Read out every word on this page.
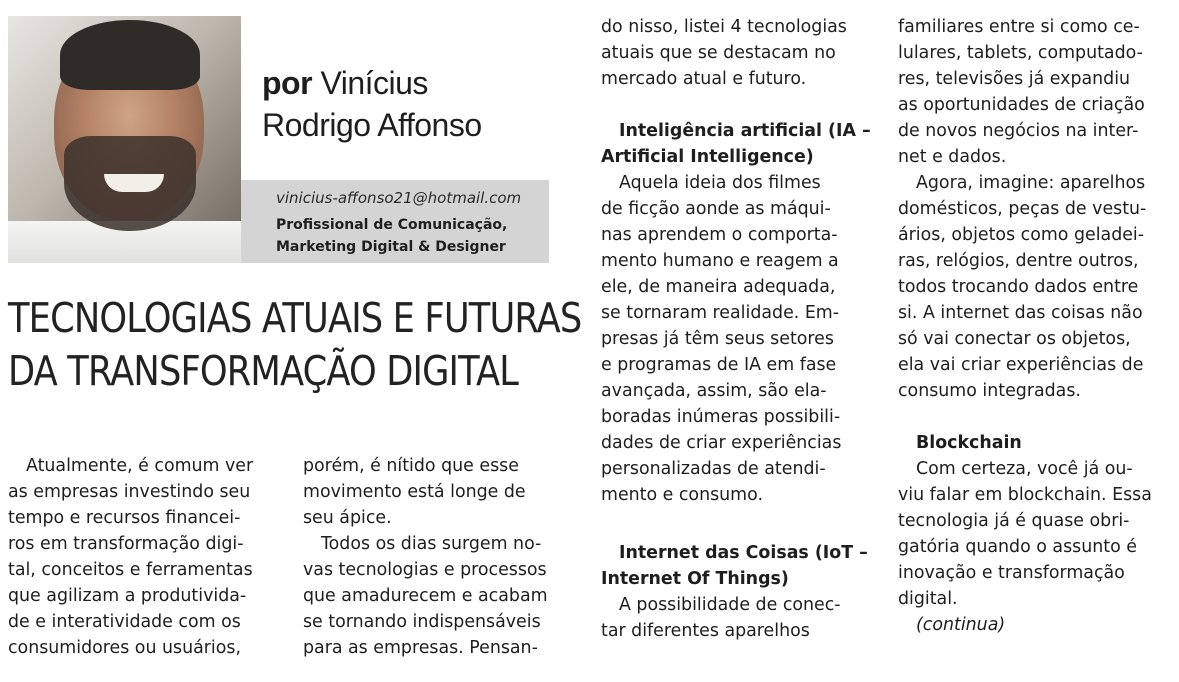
por Vinícius
Rodrigo Affonso
vinicius-affonso21@hotmail.com
Profissional de Comunicação,
Marketing Digital & Designer
TECNOLOGIAS ATUAIS E FUTURAS
DA TRANSFORMAÇÃO DIGITAL

Atualmente, é comum ver

as empresas investindo seu

tempo e recursos financei-

ros em transformação digi-

tal, conceitos e ferramentas

que agilizam a produtivida-

de e interatividade com os

consumidores ou usuários,

porém, é nítido que esse

movimento está longe de

seu ápice.

Todos os dias surgem no-

vas tecnologias e processos

que amadurecem e acabam

se tornando indispensáveis

para as empresas. Pensan-

do nisso, listei 4 tecnologias

atuais que se destacam no

mercado atual e futuro.

Inteligência artificial (IA –

Artificial Intelligence)

Aquela ideia dos filmes

de ficção aonde as máqui-

nas aprendem o comporta-

mento humano e reagem a

ele, de maneira adequada,

se tornaram realidade. Em-

presas já têm seus setores

e programas de IA em fase

avançada, assim, são ela-

boradas inúmeras possibili-

dades de criar experiências

personalizadas de atendi-

mento e consumo.

Internet das Coisas (IoT –

Internet Of Things)

A possibilidade de conec-

tar diferentes aparelhos

familiares entre si como ce-

lulares, tablets, computado-

res, televisões já expandiu

as oportunidades de criação

de novos negócios na inter-

net e dados.

Agora, imagine: aparelhos

domésticos, peças de vestu-

ários, objetos como geladei-

ras, relógios, dentre outros,

todos trocando dados entre

si. A internet das coisas não

só vai conectar os objetos,

ela vai criar experiências de

consumo integradas.

Blockchain

Com certeza, você já ou-

viu falar em blockchain. Essa

tecnologia já é quase obri-

gatória quando o assunto é

inovação e transformação

digital.

(continua)
